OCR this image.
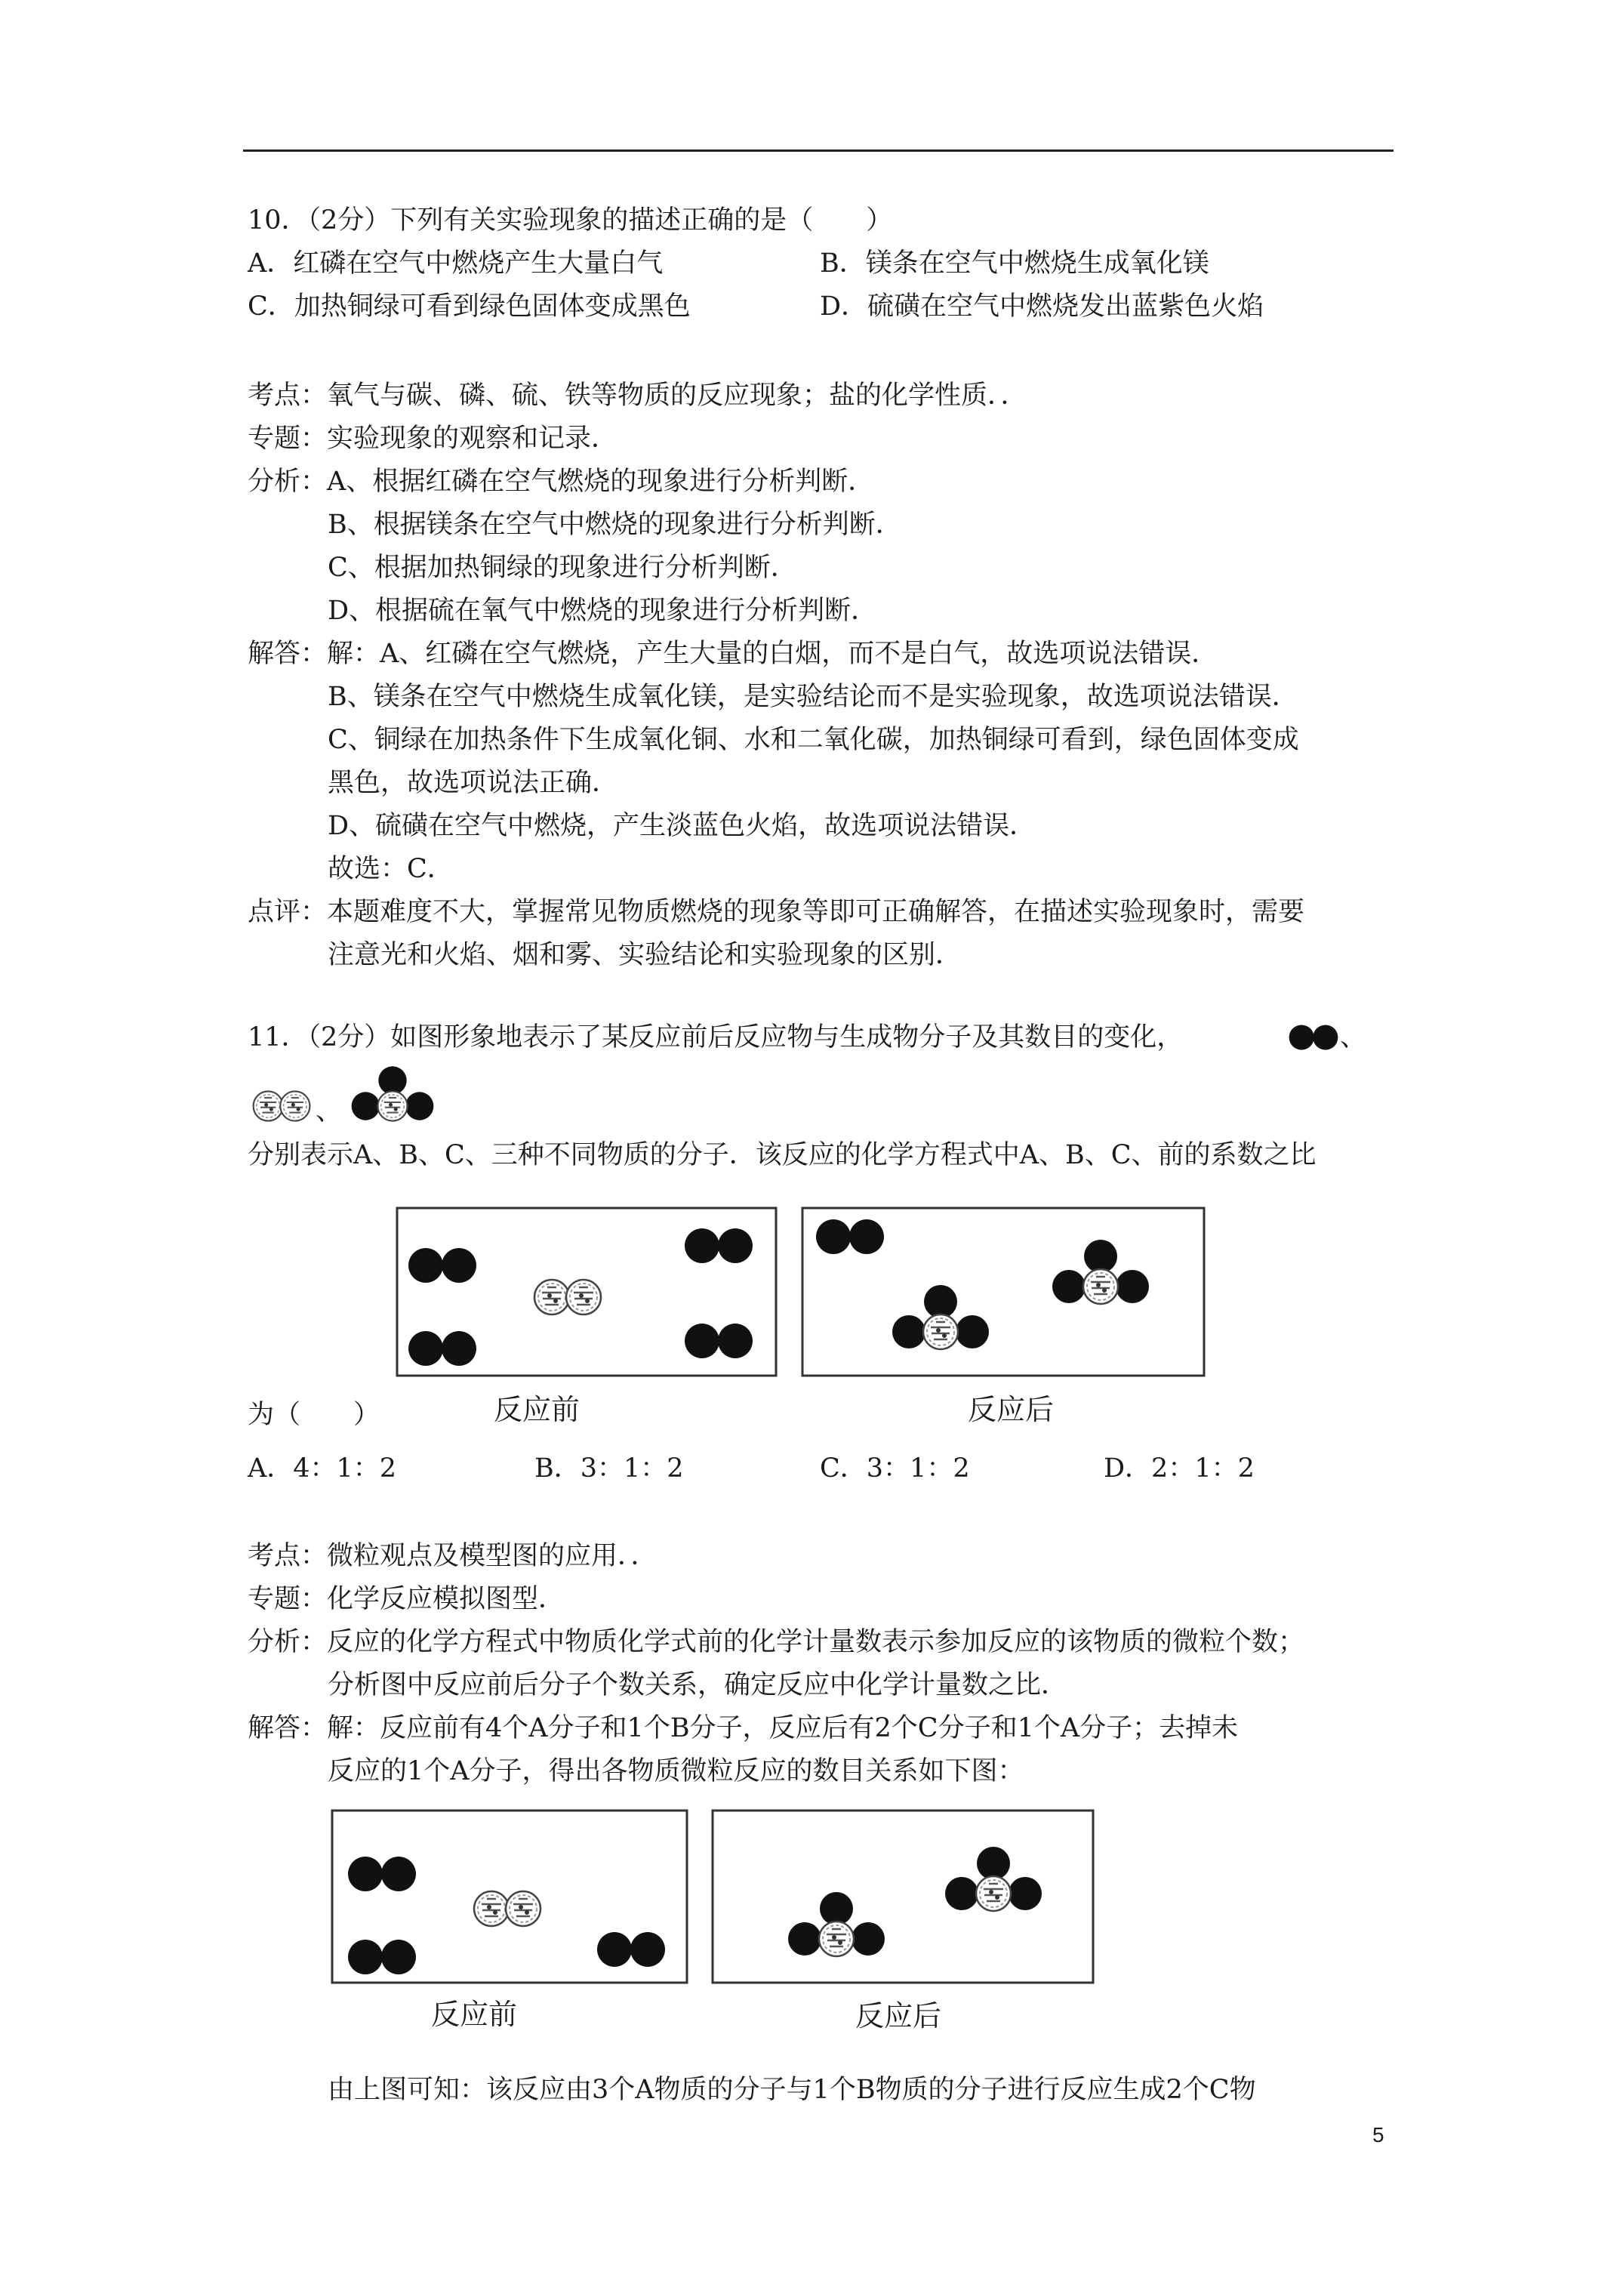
10．（2分）下列有关实验现象的描述正确的是（　　）
A．红磷在空气中燃烧产生大量白气	B．镁条在空气中燃烧生成氧化镁
C．加热铜绿可看到绿色固体变成黑色	D．硫磺在空气中燃烧发出蓝紫色火焰
考点：氧气与碳、磷、硫、铁等物质的反应现象；盐的化学性质．．
专题：实验现象的观察和记录．
分析：A、根据红磷在空气燃烧的现象进行分析判断．
B、根据镁条在空气中燃烧的现象进行分析判断．
C、根据加热铜绿的现象进行分析判断．
D、根据硫在氧气中燃烧的现象进行分析判断．
解答：解：A、红磷在空气燃烧，产生大量的白烟，而不是白气，故选项说法错误．
B、镁条在空气中燃烧生成氧化镁，是实验结论而不是实验现象，故选项说法错误．
C、铜绿在加热条件下生成氧化铜、水和二氧化碳，加热铜绿可看到，绿色固体变成
黑色，故选项说法正确．
D、硫磺在空气中燃烧，产生淡蓝色火焰，故选项说法错误．
故选：C．
点评：本题难度不大，掌握常见物质燃烧的现象等即可正确解答，在描述实验现象时，需要
注意光和火焰、烟和雾、实验结论和实验现象的区别．
11．（2分）如图形象地表示了某反应前后反应物与生成物分子及其数目的变化，	、
、
分别表示A、B、C、三种不同物质的分子．该反应的化学方程式中A、B、C、前的系数之比
为（　　）	反应前	反应后
A．4：1：2	B．3：1：2	C．3：1：2	D．2：1：2
考点：微粒观点及模型图的应用．．
专题：化学反应模拟图型．
分析：反应的化学方程式中物质化学式前的化学计量数表示参加反应的该物质的微粒个数；
分析图中反应前后分子个数关系，确定反应中化学计量数之比．
解答：解：反应前有4个A分子和1个B分子，反应后有2个C分子和1个A分子；去掉未
反应的1个A分子，得出各物质微粒反应的数目关系如下图：
反应前	反应后
由上图可知：该反应由3个A物质的分子与1个B物质的分子进行反应生成2个C物
5
